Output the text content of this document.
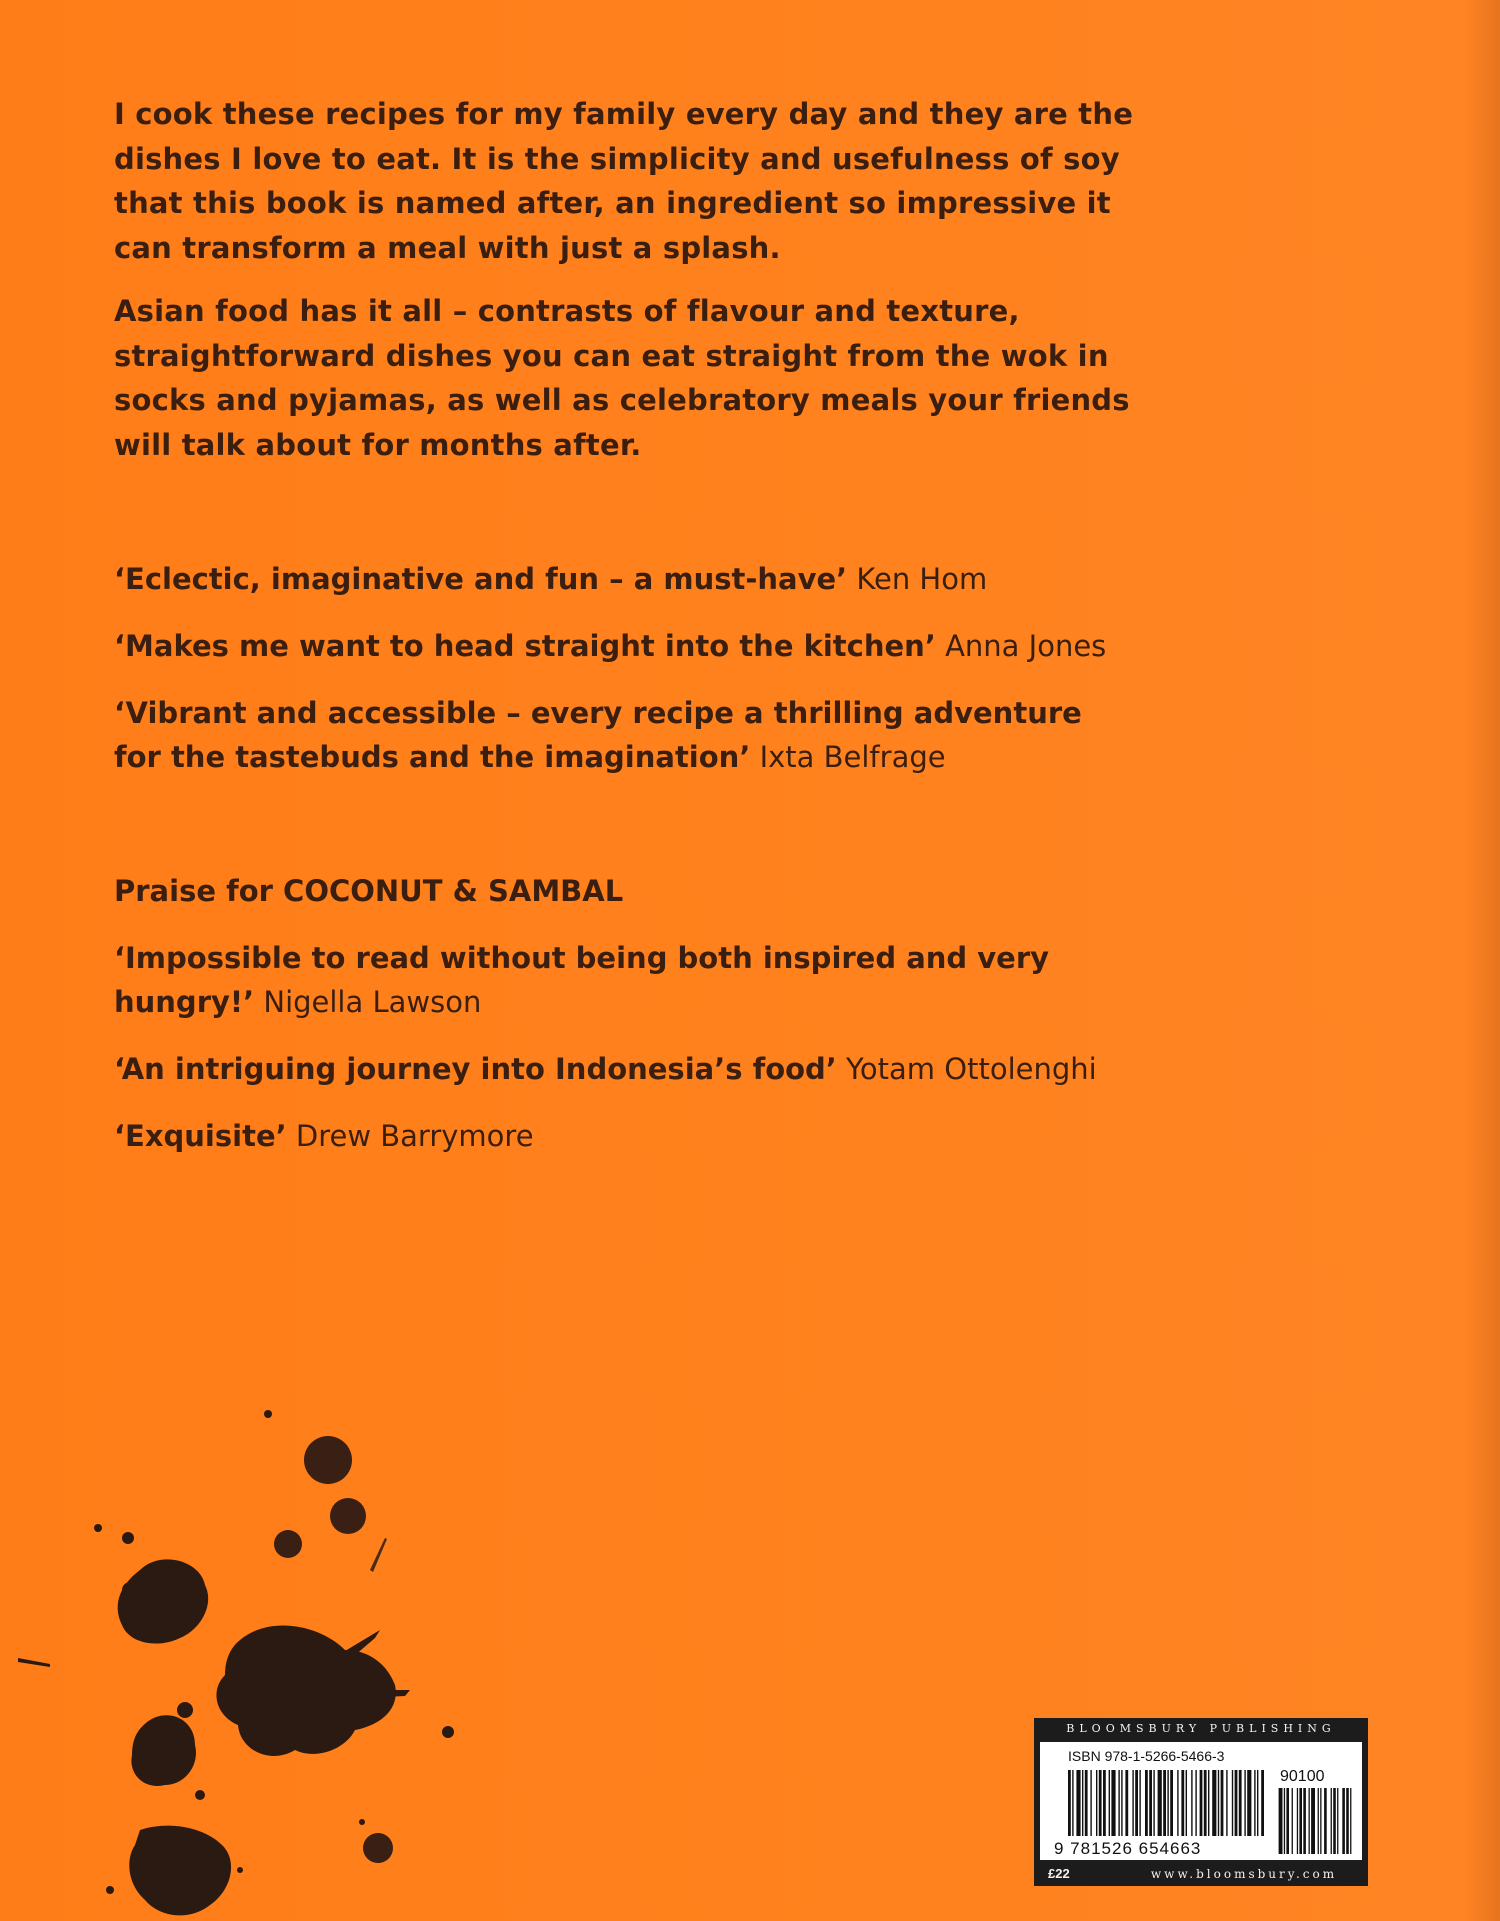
I cook these recipes for my family every day and they are the dishes I love to eat. It is the simplicity and usefulness of soy that this book is named after, an ingredient so impressive it can transform a meal with just a splash.

Asian food has it all – contrasts of flavour and texture, straightforward dishes you can eat straight from the wok in socks and pyjamas, as well as celebratory meals your friends will talk about for months after.

‘Eclectic, imaginative and fun – a must-have’ Ken Hom

‘Makes me want to head straight into the kitchen’ Anna Jones

‘Vibrant and accessible – every recipe a thrilling adventure for the tastebuds and the imagination’ Ixta Belfrage

Praise for COCONUT & SAMBAL

‘Impossible to read without being both inspired and very hungry!’ Nigella Lawson

‘An intriguing journey into Indonesia’s food’ Yotam Ottolenghi

‘Exquisite’ Drew Barrymore

BLOOMSBURY PUBLISHING
ISBN 978-1-5266-5466-3
90100
9 781526 654663
£22	www.bloomsbury.com
